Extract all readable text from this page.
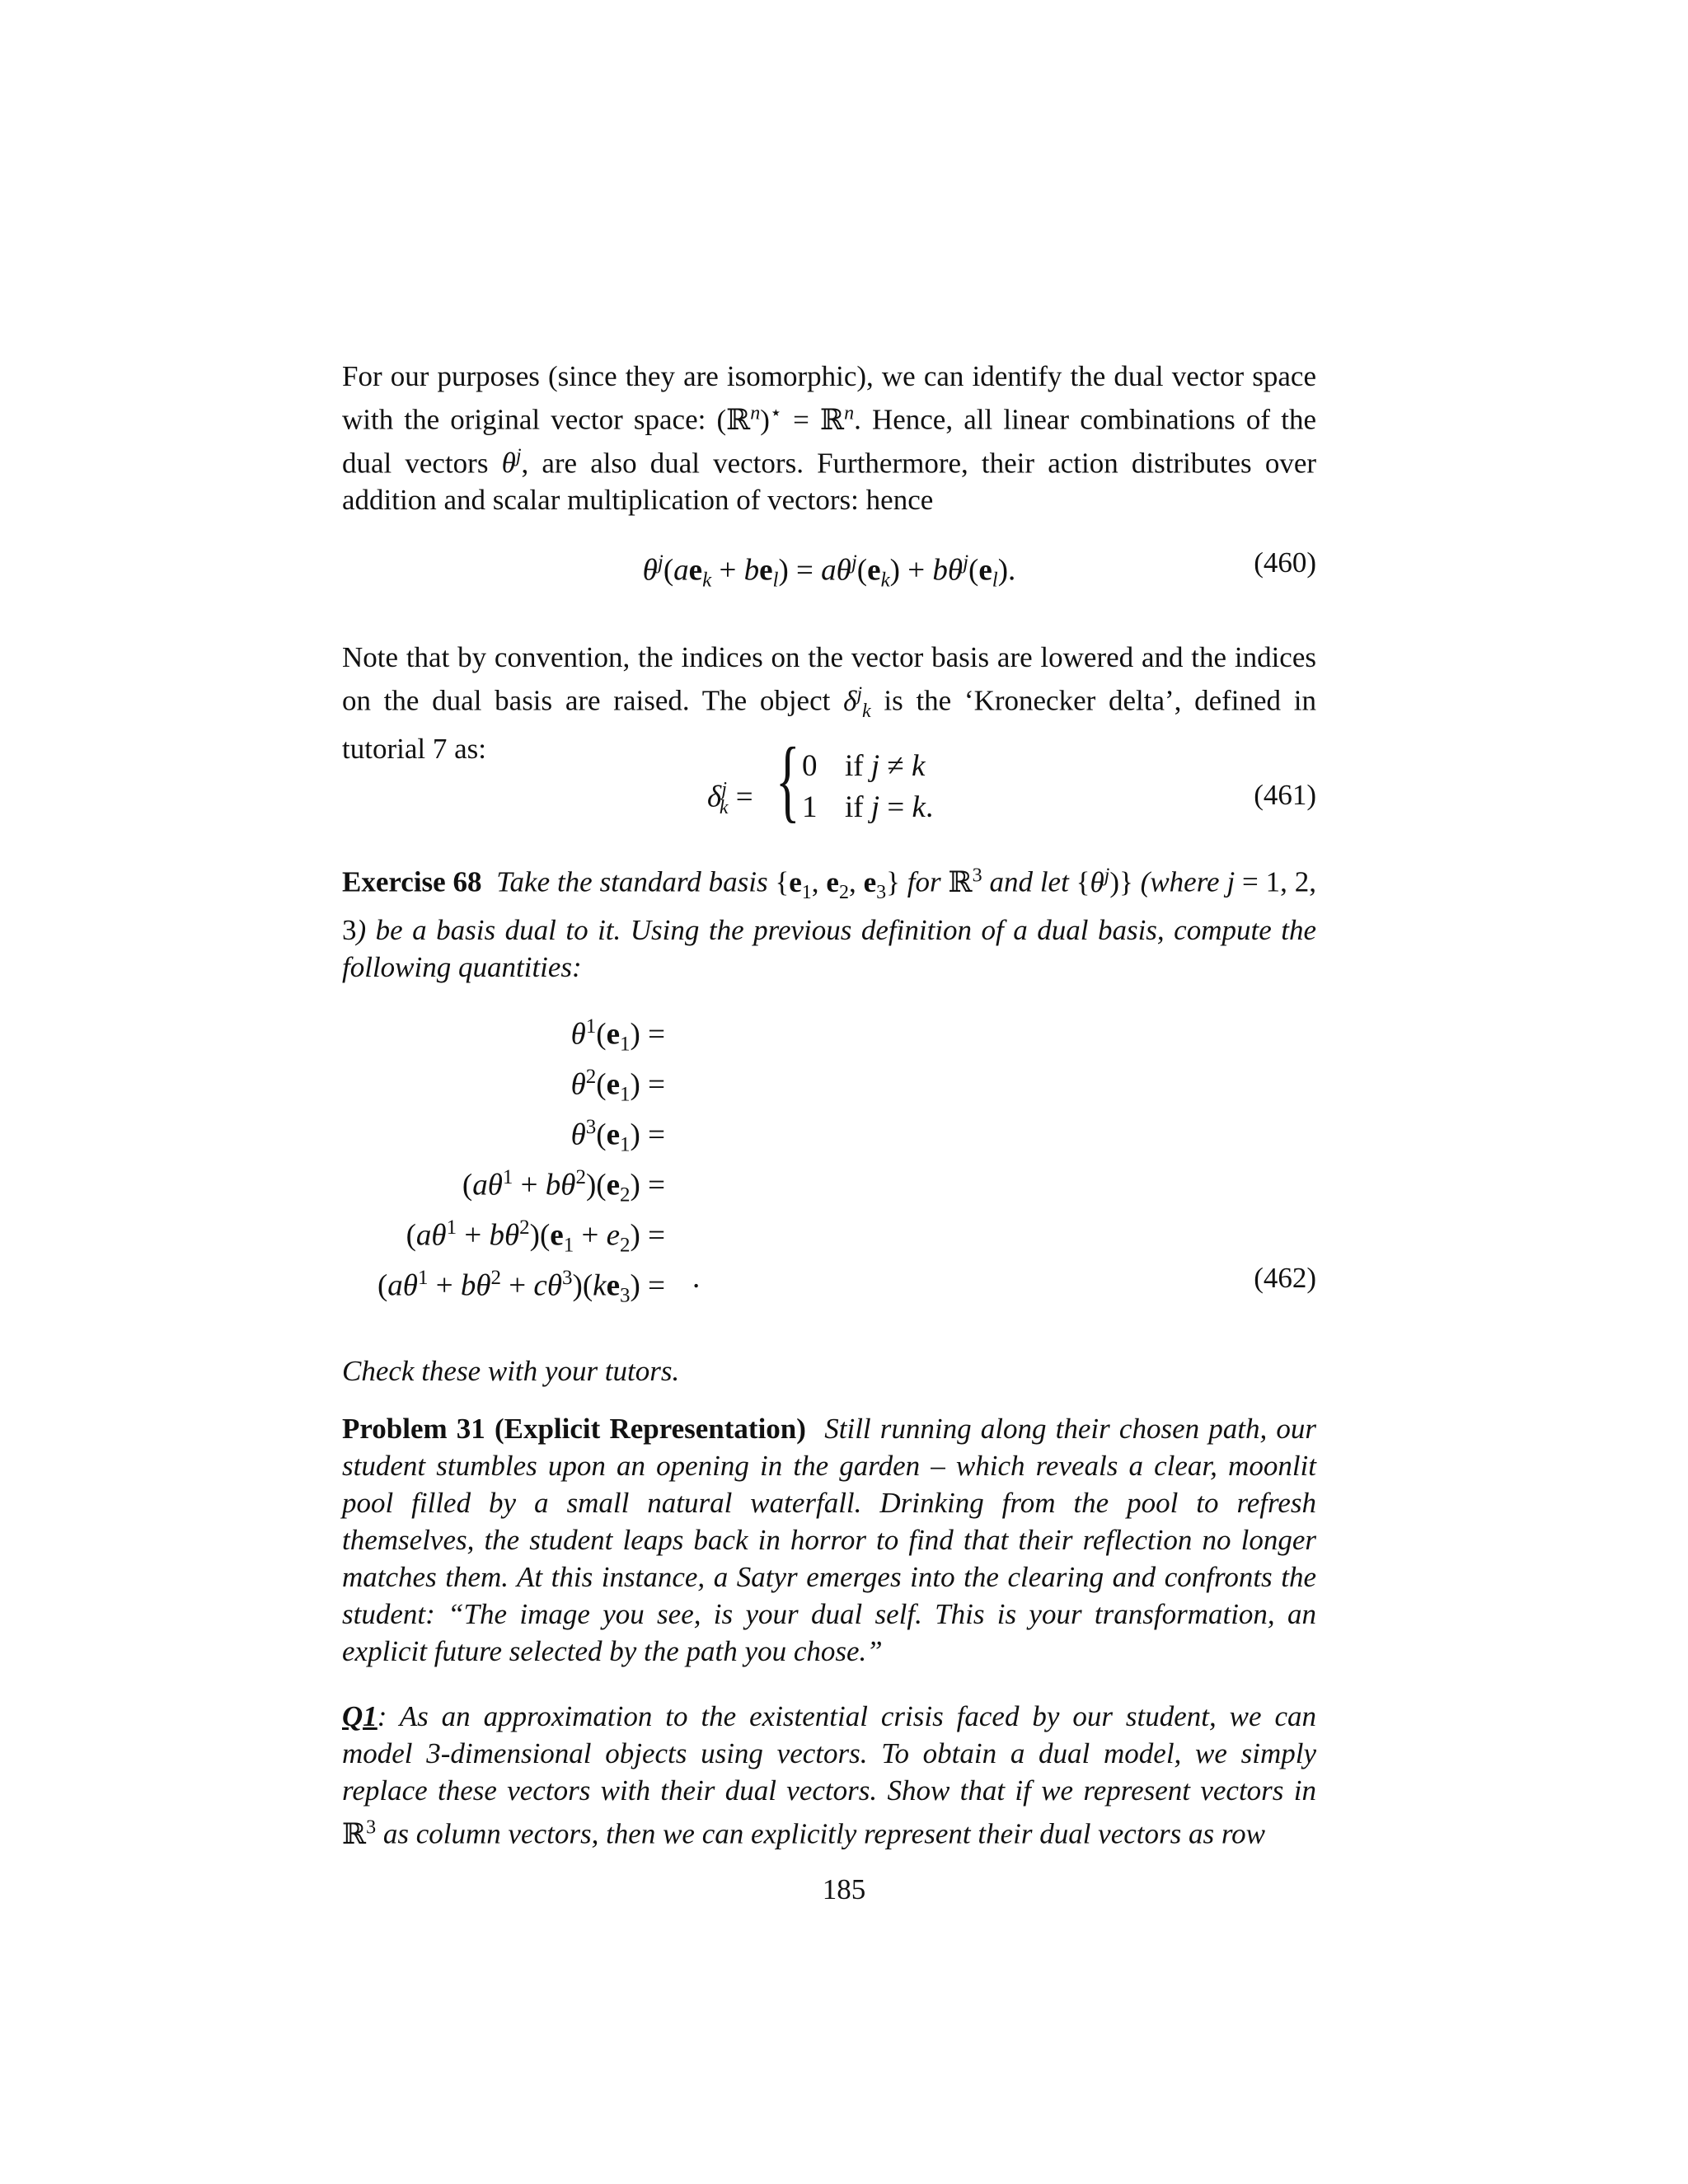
For our purposes (since they are isomorphic), we can identify the dual vector space with the original vector space: (ℝ$^n$)⋆ = ℝ$^n$. Hence, all linear combinations of the dual vectors $\theta^j$, are also dual vectors. Furthermore, their action distributes over addition and scalar multiplication of vectors: hence

$\theta^j(ae_k + be_l) = a\theta^j(e_k) + b\theta^j(e_l)$.	(460)

Note that by convention, the indices on the vector basis are lowered and the indices on the dual basis are raised. The object $\delta^j_k$ is the ‘Kronecker delta’, defined in tutorial 7 as:

$\delta^j_k$ = { 0 if j ≠ k
1 if j = k.	(461)

Exercise 68 Take the standard basis {$e_1$, $e_2$, $e_3$} for ℝ$^3$ and let $\{\theta^j)$} (where j = 1, 2, 3) be a basis dual to it. Using the previous definition of a dual basis, compute the following quantities:

$\theta^1(e_1)$ =
$\theta^2(e_1)$ =
$\theta^3(e_1)$ =
$(a\theta^1 + b\theta^2)(e_2)$ =
$(a\theta^1 + b\theta^2)(e_1 + e_2)$ =
$(a\theta^1 + b\theta^2 + c\theta^3)(ke_3)$ = .	(462)

Check these with your tutors.

Problem 31 (Explicit Representation) Still running along their chosen path, our student stumbles upon an opening in the garden – which reveals a clear, moonlit pool filled by a small natural waterfall. Drinking from the pool to refresh themselves, the student leaps back in horror to find that their reflection no longer matches them. At this instance, a Satyr emerges into the clearing and confronts the student: “The image you see, is your dual self. This is your transformation, an explicit future selected by the path you chose.”

Q1: As an approximation to the existential crisis faced by our student, we can model 3-dimensional objects using vectors. To obtain a dual model, we simply replace these vectors with their dual vectors. Show that if we represent vectors in ℝ$^3$ as column vectors, then we can explicitly represent their dual vectors as row

185
